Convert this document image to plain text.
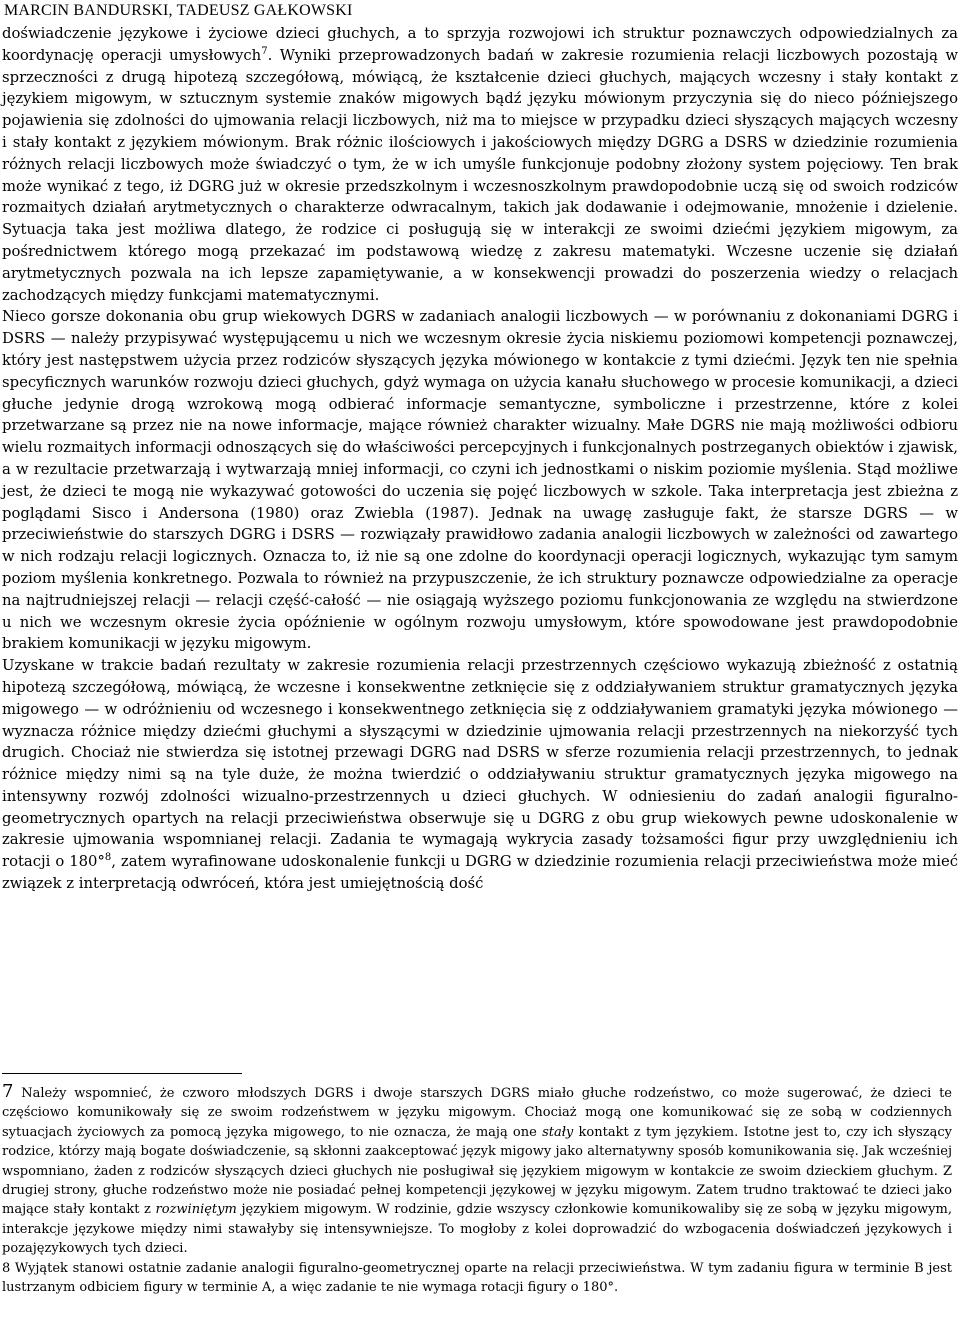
MARCIN BANDURSKI, TADEUSZ GAŁKOWSKI

doświadczenie językowe i życiowe dzieci głuchych, a to sprzyja rozwojowi ich struktur poznawczych odpowiedzialnych za koordynację operacji umysłowych$^7$. Wyniki przeprowadzonych badań w zakresie rozumienia relacji liczbowych pozostają w sprzeczności z drugą hipotezą szczegółową, mówiącą, że kształcenie dzieci głuchych, mających wczesny i stały kontakt z językiem migowym, w sztucznym systemie znaków migowych bądź języku mówionym przyczynia się do nieco późniejszego pojawienia się zdolności do ujmowania relacji liczbowych, niż ma to miejsce w przypadku dzieci słyszących mających wczesny i stały kontakt z językiem mówionym. Brak różnic ilościowych i jakościowych między DGRG a DSRS w dziedzinie rozumienia różnych relacji liczbowych może świadczyć o tym, że w ich umyśle funkcjonuje podobny złożony system pojęciowy. Ten brak może wynikać z tego, iż DGRG już w okresie przedszkolnym i wczesnoszkolnym prawdopodobnie uczą się od swoich rodziców rozmaitych działań arytmetycznych o charakterze odwracalnym, takich jak dodawanie i odejmowanie, mnożenie i dzielenie. Sytuacja taka jest możliwa dlatego, że rodzice ci posługują się w interakcji ze swoimi dziećmi językiem migowym, za pośrednictwem którego mogą przekazać im podstawową wiedzę z zakresu matematyki. Wczesne uczenie się działań arytmetycznych pozwala na ich lepsze zapamiętywanie, a w konsekwencji prowadzi do poszerzenia wiedzy o relacjach zachodzących między funkcjami matematycznymi.

Nieco gorsze dokonania obu grup wiekowych DGRS w zadaniach analogii liczbowych — w porównaniu z dokonaniami DGRG i DSRS — należy przypisywać występującemu u nich we wczesnym okresie życia niskiemu poziomowi kompetencji poznawczej, który jest następstwem użycia przez rodziców słyszących języka mówionego w kontakcie z tymi dziećmi. Język ten nie spełnia specyficznych warunków rozwoju dzieci głuchych, gdyż wymaga on użycia kanału słuchowego w procesie komunikacji, a dzieci głuche jedynie drogą wzrokową mogą odbierać informacje semantyczne, symboliczne i przestrzenne, które z kolei przetwarzane są przez nie na nowe informacje, mające również charakter wizualny. Małe DGRS nie mają możliwości odbioru wielu rozmaitych informacji odnoszących się do właściwości percepcyjnych i funkcjonalnych postrzeganych obiektów i zjawisk, a w rezultacie przetwarzają i wytwarzają mniej informacji, co czyni ich jednostkami o niskim poziomie myślenia. Stąd możliwe jest, że dzieci te mogą nie wykazywać gotowości do uczenia się pojęć liczbowych w szkole. Taka interpretacja jest zbieżna z poglądami Sisco i Andersona (1980) oraz Zwiebla (1987). Jednak na uwagę zasługuje fakt, że starsze DGRS — w przeciwieństwie do starszych DGRG i DSRS — rozwiązały prawidłowo zadania analogii liczbowych w zależności od zawartego w nich rodzaju relacji logicznych. Oznacza to, iż nie są one zdolne do koordynacji operacji logicznych, wykazując tym samym poziom myślenia konkretnego. Pozwala to również na przypuszczenie, że ich struktury poznawcze odpowiedzialne za operacje na najtrudniejszej relacji — relacji część-całość — nie osiągają wyższego poziomu funkcjonowania ze względu na stwierdzone u nich we wczesnym okresie życia opóźnienie w ogólnym rozwoju umysłowym, które spowodowane jest prawdopodobnie brakiem komunikacji w języku migowym.

Uzyskane w trakcie badań rezultaty w zakresie rozumienia relacji przestrzennych częściowo wykazują zbieżność z ostatnią hipotezą szczegółową, mówiącą, że wczesne i konsekwentne zetknięcie się z oddziaływaniem struktur gramatycznych języka migowego — w odróżnieniu od wczesnego i konsekwentnego zetknięcia się z oddziaływaniem gramatyki języka mówionego — wyznacza różnice między dziećmi głuchymi a słyszącymi w dziedzinie ujmowania relacji przestrzennych na niekorzyść tych drugich. Chociaż nie stwierdza się istotnej przewagi DGRG nad DSRS w sferze rozumienia relacji przestrzennych, to jednak różnice między nimi są na tyle duże, że można twierdzić o oddziaływaniu struktur gramatycznych języka migowego na intensywny rozwój zdolności wizualno-przestrzennych u dzieci głuchych. W odniesieniu do zadań analogii figuralno-geometrycznych opartych na relacji przeciwieństwa obserwuje się u DGRG z obu grup wiekowych pewne udoskonalenie w zakresie ujmowania wspomnianej relacji. Zadania te wymagają wykrycia zasady tożsamości figur przy uwzględnieniu ich rotacji o 180°$^8$, zatem wyrafinowane udoskonalenie funkcji u DGRG w dziedzinie rozumienia relacji przeciwieństwa może mieć związek z interpretacją odwróceń, która jest umiejętnością dość

7 Należy wspomnieć, że czworo młodszych DGRS i dwoje starszych DGRS miało głuche rodzeństwo, co może sugerować, że dzieci te częściowo komunikowały się ze swoim rodzeństwem w języku migowym. Chociaż mogą one komunikować się ze sobą w codziennych sytuacjach życiowych za pomocą języka migowego, to nie oznacza, że mają one stały kontakt z tym językiem. Istotne jest to, czy ich słyszący rodzice, którzy mają bogate doświadczenie, są skłonni zaakceptować język migowy jako alternatywny sposób komunikowania się. Jak wcześniej wspomniano, żaden z rodziców słyszących dzieci głuchych nie posługiwał się językiem migowym w kontakcie ze swoim dzieckiem głuchym. Z drugiej strony, głuche rodzeństwo może nie posiadać pełnej kompetencji językowej w języku migowym. Zatem trudno traktować te dzieci jako mające stały kontakt z rozwiniętym językiem migowym. W rodzinie, gdzie wszyscy członkowie komunikowaliby się ze sobą w języku migowym, interakcje językowe między nimi stawałyby się intensywniejsze. To mogłoby z kolei doprowadzić do wzbogacenia doświadczeń językowych i pozajęzykowych tych dzieci.

8 Wyjątek stanowi ostatnie zadanie analogii figuralno-geometrycznej oparte na relacji przeciwieństwa. W tym zadaniu figura w terminie B jest lustrzanym odbiciem figury w terminie A, a więc zadanie te nie wymaga rotacji figury o 180°.
